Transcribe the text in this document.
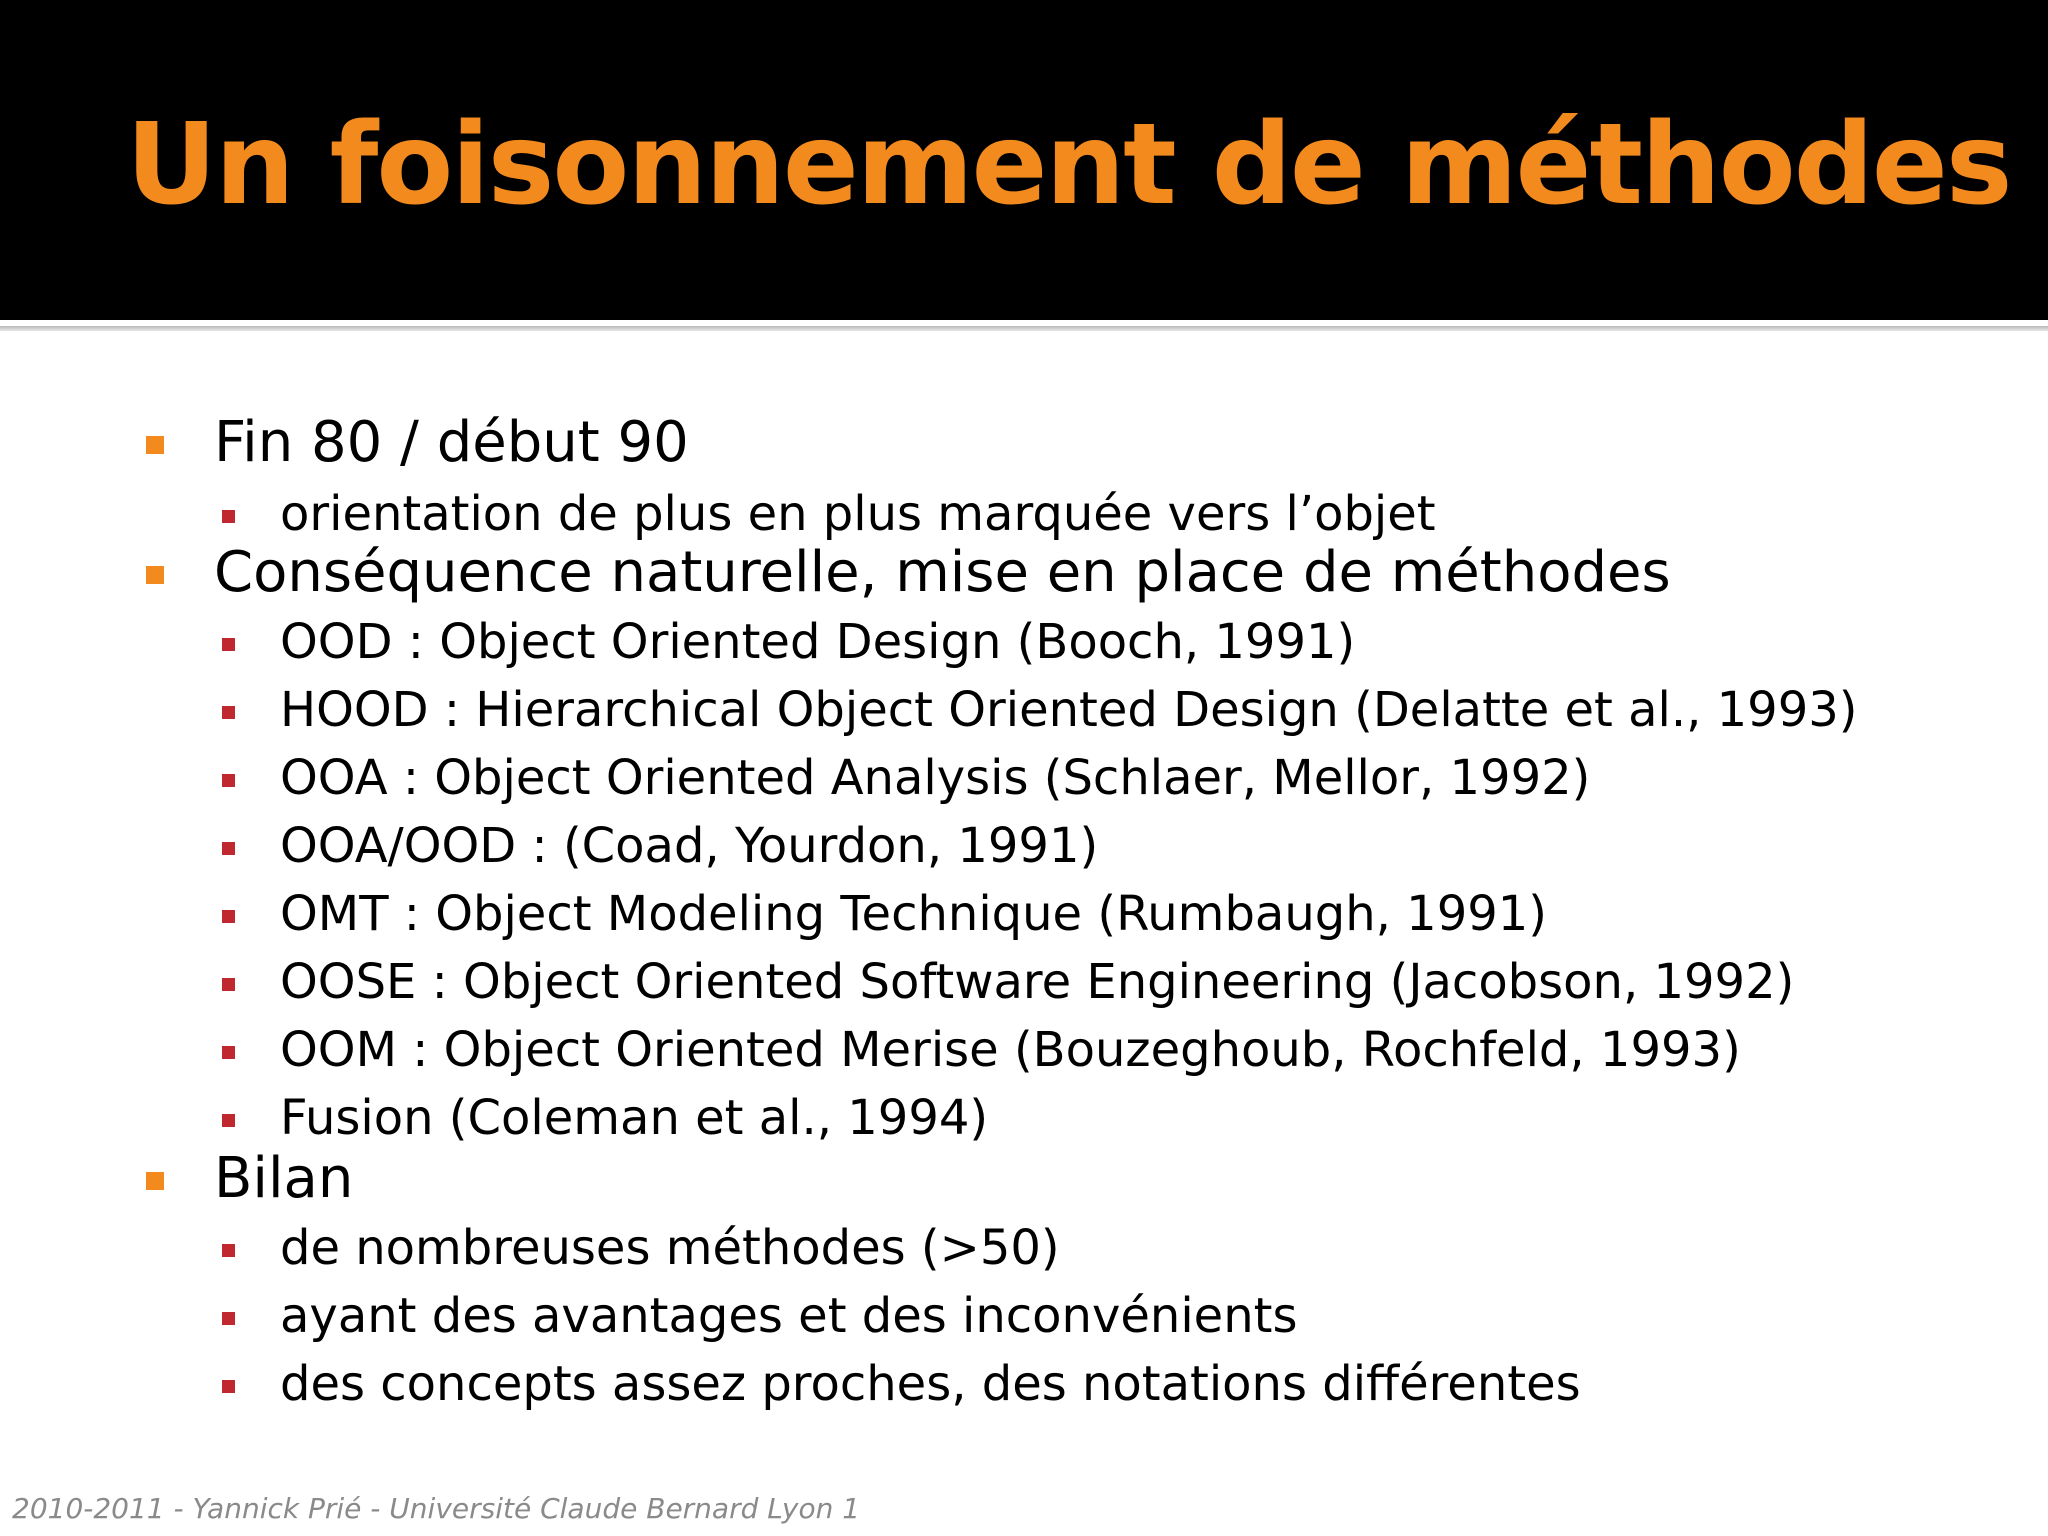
Un foisonnement de méthodes
Fin 80 / début 90
orientation de plus en plus marquée vers l’objet
Conséquence naturelle, mise en place de méthodes
OOD : Object Oriented Design (Booch, 1991)
HOOD : Hierarchical Object Oriented Design (Delatte et al., 1993)
OOA : Object Oriented Analysis (Schlaer, Mellor, 1992)
OOA/OOD : (Coad, Yourdon, 1991)
OMT : Object Modeling Technique (Rumbaugh, 1991)
OOSE : Object Oriented Software Engineering (Jacobson, 1992)
OOM : Object Oriented Merise (Bouzeghoub, Rochfeld, 1993)
Fusion (Coleman et al., 1994)
Bilan
de nombreuses méthodes (>50)
ayant des avantages et des inconvénients
des concepts assez proches, des notations différentes
2010-2011 - Yannick Prié - Université Claude Bernard Lyon 1
